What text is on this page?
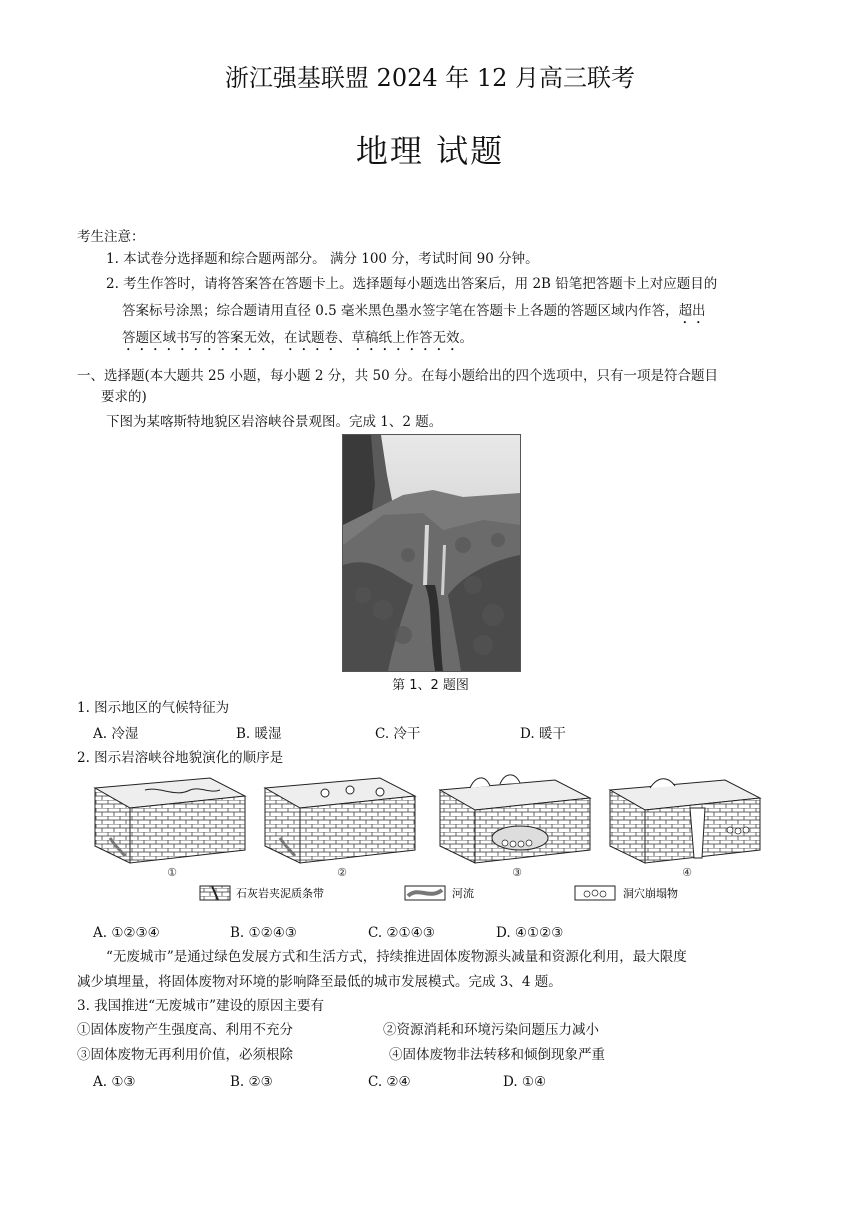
浙江强基联盟 2024 年 12 月高三联考
地理 试题
考生注意：
1. 本试卷分选择题和综合题两部分。 满分 100 分，考试时间 90 分钟。
2. 考生作答时，请将答案答在答题卡上。选择题每小题选出答案后，用 2B 铅笔把答题卡上对应题目的
答案标号涂黑；综合题请用直径 0.5 毫米黑色墨水签字笔在答题卡上各题的答题区域内作答，超出
答题区域书写的答案无效，在试题卷、草稿纸上作答无效。
一、选择题(本大题共 25 小题，每小题 2 分，共 50 分。在每小题给出的四个选项中，只有一项是符合题目
要求的)
下图为某喀斯特地貌区岩溶峡谷景观图。完成 1、2 题。
第 1、2 题图
1. 图示地区的气候特征为
A. 冷湿	B. 暖湿	C. 冷干	D. 暖干
2. 图示岩溶峡谷地貌演化的顺序是
①	②	③	④
石灰岩夹泥质条带	河流	洞穴崩塌物
A. ①②③④	B. ①②④③	C. ②①④③	D. ④①②③
“无废城市”是通过绿色发展方式和生活方式，持续推进固体废物源头减量和资源化利用，最大限度
减少填埋量，将固体废物对环境的影响降至最低的城市发展模式。完成 3、4 题。
3. 我国推进“无废城市”建设的原因主要有
①固体废物产生强度高、利用不充分	②资源消耗和环境污染问题压力减小
③固体废物无再利用价值，必须根除	④固体废物非法转移和倾倒现象严重
A. ①③	B. ②③	C. ②④	D. ①④
